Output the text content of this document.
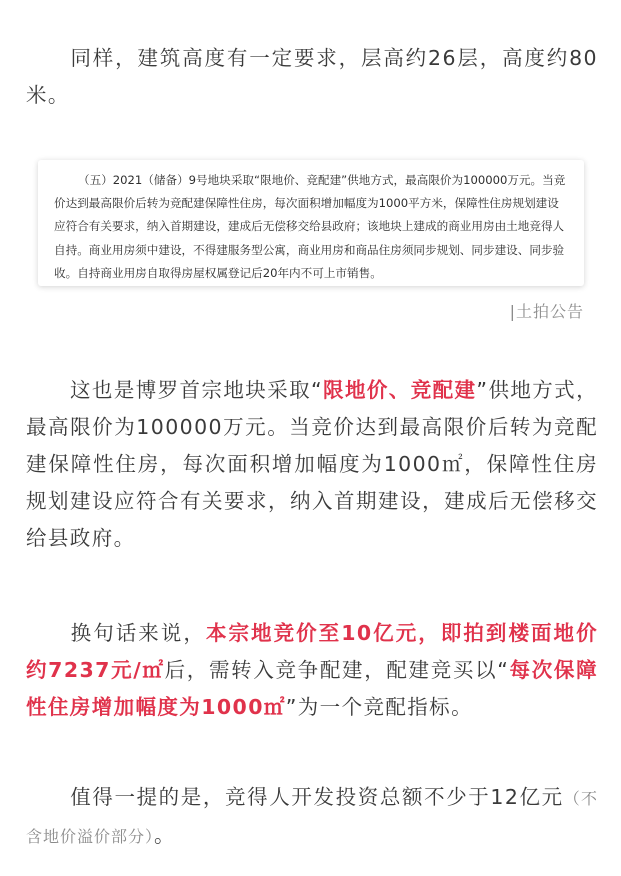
同样，建筑高度有一定要求，层高约26层，高度约80米。

（五）2021（储备）9号地块采取“限地价、竞配建”供地方式，最高限价为100000万元。当竞价达到最高限价后转为竞配建保障性住房，每次面积增加幅度为1000平方米，保障性住房规划建设应符合有关要求，纳入首期建设，建成后无偿移交给县政府；该地块上建成的商业用房由土地竞得人自持。商业用房须中建设，不得建服务型公寓，商业用房和商品住房须同步规划、同步建设、同步验收。自持商业用房自取得房屋权属登记后20年内不可上市销售。
|土拍公告

这也是博罗首宗地块采取“限地价、竞配建”供地方式，最高限价为100000万元。当竞价达到最高限价后转为竞配建保障性住房，每次面积增加幅度为1000㎡，保障性住房规划建设应符合有关要求，纳入首期建设，建成后无偿移交给县政府。

换句话来说，本宗地竞价至10亿元，即拍到楼面地价约7237元/㎡后，需转入竞争配建，配建竞买以“每次保障性住房增加幅度为1000㎡”为一个竞配指标。

值得一提的是，竞得人开发投资总额不少于12亿元（不含地价溢价部分）。
